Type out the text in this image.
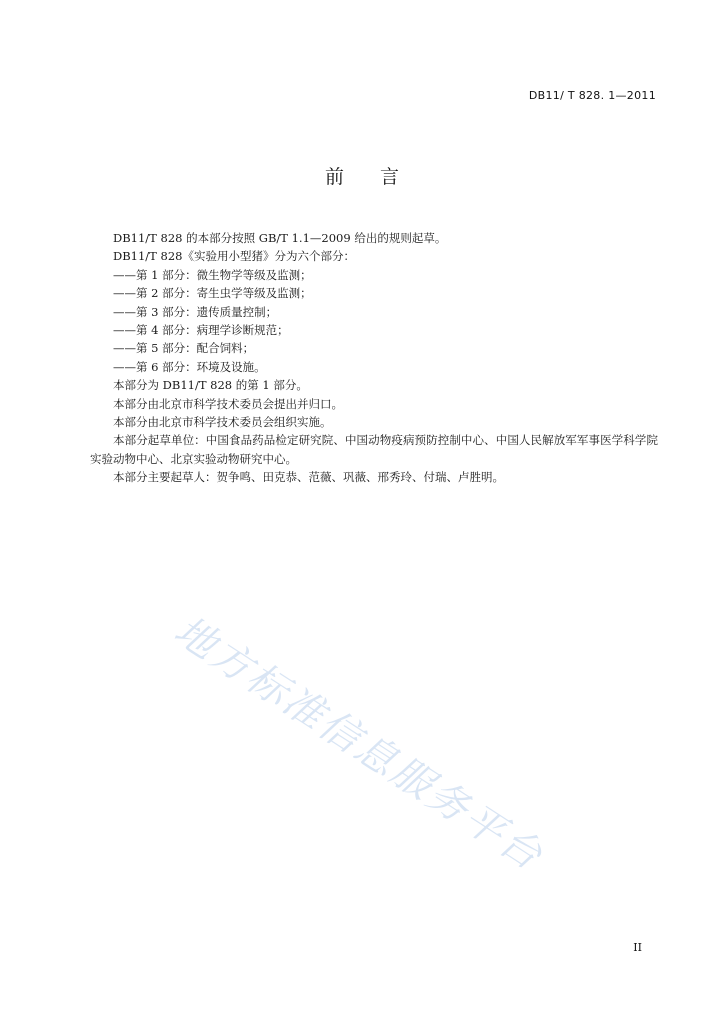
DB11/ T 828. 1—2011
前言

DB11/T 828 的本部分按照 GB/T 1.1—2009 给出的规则起草。

DB11/T 828《实验用小型猪》分为六个部分：

——第 1 部分：微生物学等级及监测；

——第 2 部分：寄生虫学等级及监测；

——第 3 部分：遗传质量控制；

——第 4 部分：病理学诊断规范；

——第 5 部分：配合饲料；

——第 6 部分：环境及设施。

本部分为 DB11/T 828 的第 1 部分。

本部分由北京市科学技术委员会提出并归口。

本部分由北京市科学技术委员会组织实施。

本部分起草单位：中国食品药品检定研究院、中国动物疫病预防控制中心、中国人民解放军军事医学科学院实验动物中心、北京实验动物研究中心。

本部分主要起草人：贺争鸣、田克恭、范薇、巩薇、邢秀玲、付瑞、卢胜明。

地方标准信息服务平台
II
